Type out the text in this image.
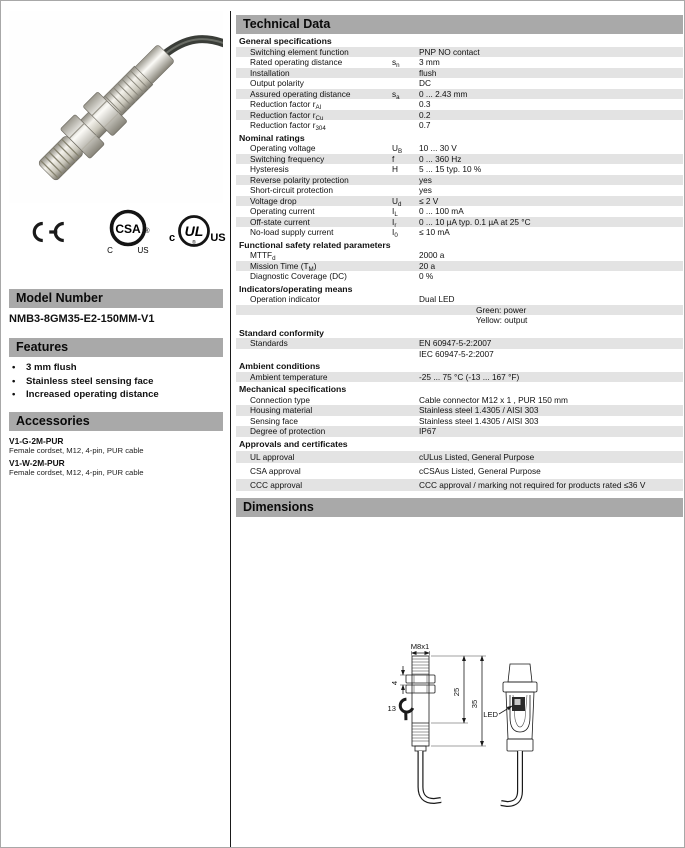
CSA ®
C	US
UL
®
c	US
Model Number
NMB3-8GM35-E2-150MM-V1
Features
•	3 mm flush
•	Stainless steel sensing face
•	Increased operating distance
Accessories
V1-G-2M-PUR
Female cordset, M12, 4-pin, PUR cable
V1-W-2M-PUR
Female cordset, M12, 4-pin, PUR cable
Technical Data
General specifications
Switching element function	PNP NO contact
Rated operating distance	$s_n$	3 mm
Installation	flush
Output polarity	DC
Assured operating distance	$s_a$	0 ... 2.43 mm
Reduction factor $r_{Al}$	0.3
Reduction factor $r_{Cu}$	0.2
Reduction factor $r_{304}$	0.7
Nominal ratings
Operating voltage	$U_B$	10 ... 30 V
Switching frequency	f	0 ... 360 Hz
Hysteresis	H	5 ... 15 typ. 10 %
Reverse polarity protection	yes
Short-circuit protection	yes
Voltage drop	$U_d$	≤ 2 V
Operating current	$I_L$	0 ... 100 mA
Off-state current	$I_r$	0 ... 10 µA typ. 0.1 µA at 25 °C
No-load supply current	$I_0$	≤ 10 mA
Functional safety related parameters
$MTTF_d$	2000 a
Mission Time $(T_M)$	20 a
Diagnostic Coverage (DC)	0 %
Indicators/operating means
Operation indicator	Dual LED
Green: power
Yellow: output
Standard conformity
Standards	EN 60947-5-2:2007
IEC 60947-5-2:2007
Ambient conditions
Ambient temperature	-25 ... 75 °C (-13 ... 167 °F)
Mechanical specifications
Connection type	Cable connector M12 x 1 , PUR 150 mm
Housing material	Stainless steel 1.4305 / AISI 303
Sensing face	Stainless steel 1.4305 / AISI 303
Degree of protection	IP67
Approvals and certificates
UL approval	cULus Listed, General Purpose
CSA approval	cCSAus Listed, General Purpose
CCC approval	CCC approval / marking not required for products rated ≤36 V
Dimensions
M8x1
4
13
25
35
LED
